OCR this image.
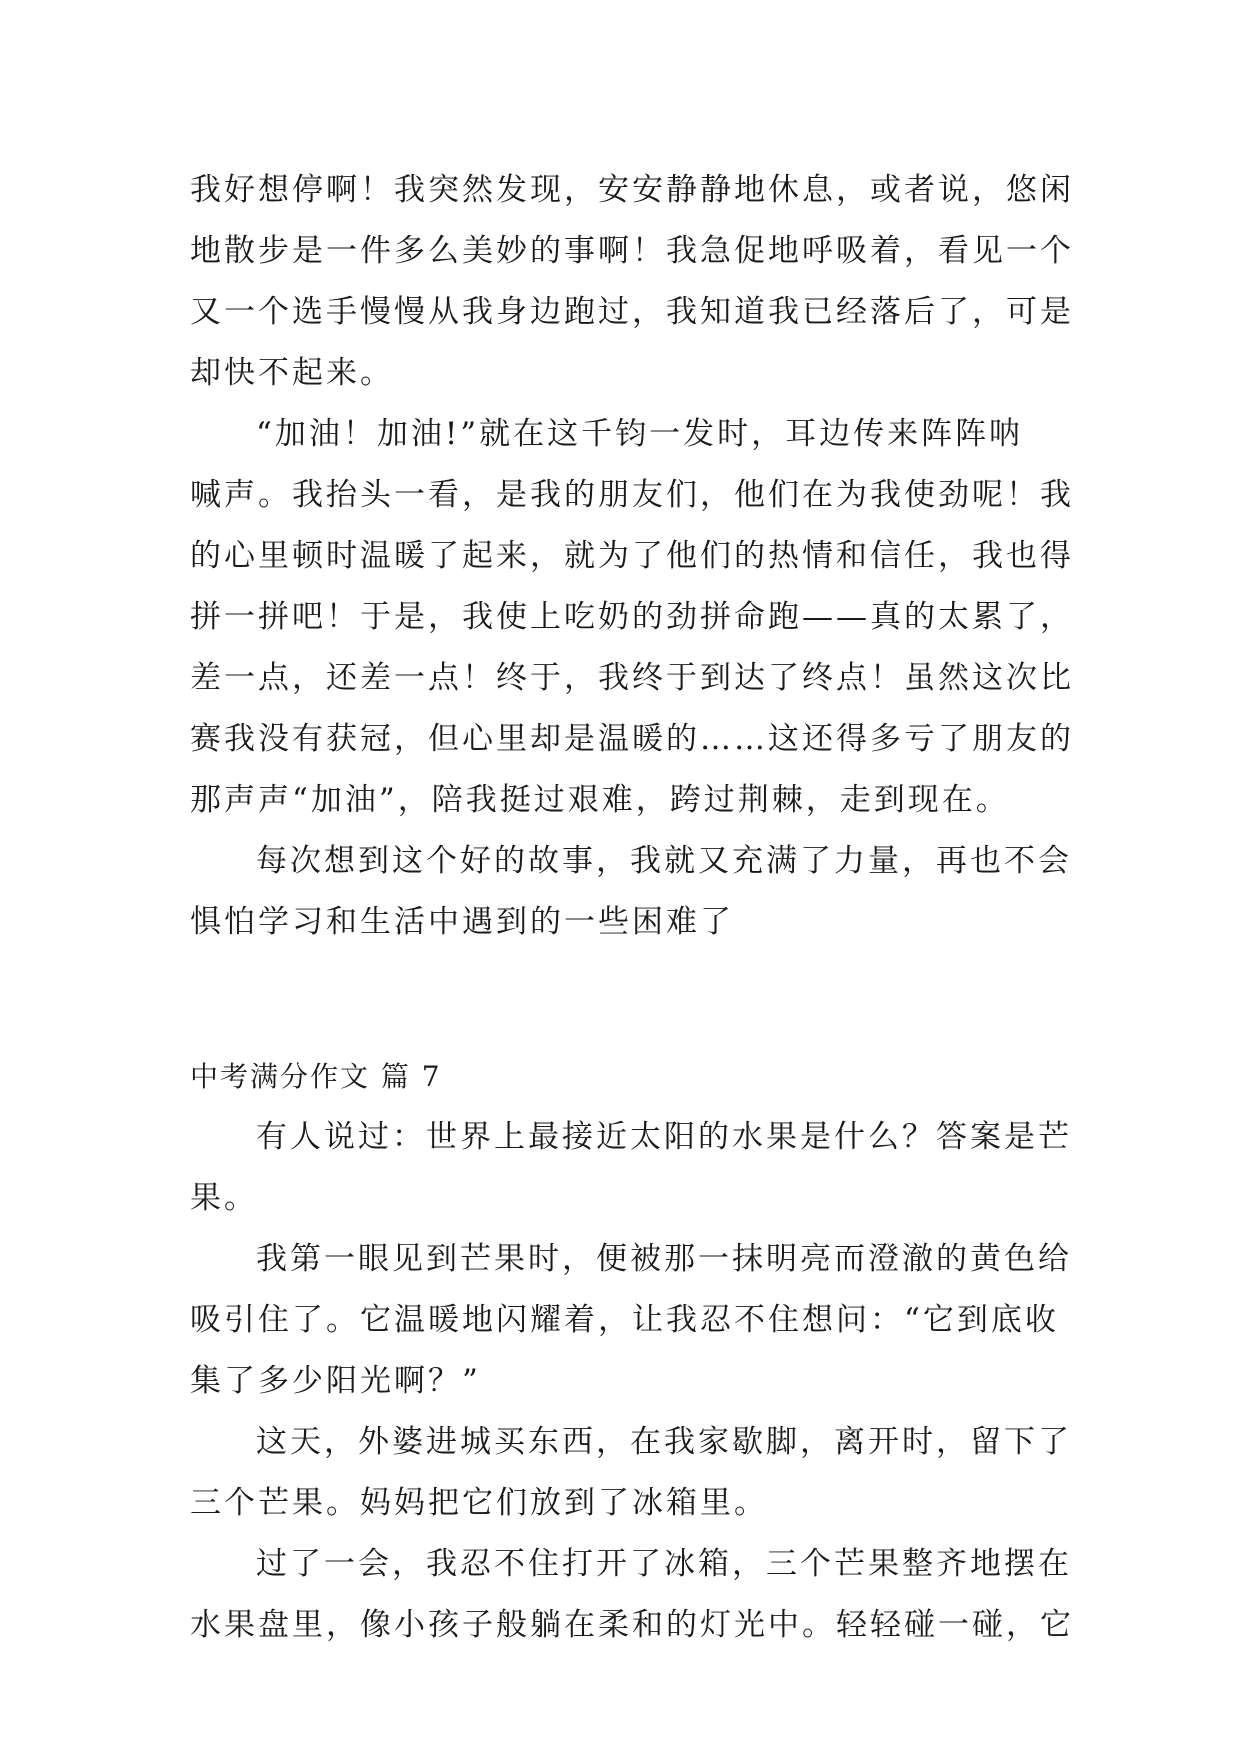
我好想停啊！我突然发现，安安静静地休息，或者说，悠闲
地散步是一件多么美妙的事啊！我急促地呼吸着，看见一个
又一个选手慢慢从我身边跑过，我知道我已经落后了，可是
却快不起来。
“加油！加油!”就在这千钧一发时，耳边传来阵阵呐
喊声。我抬头一看，是我的朋友们，他们在为我使劲呢！我
的心里顿时温暖了起来，就为了他们的热情和信任，我也得
拼一拼吧！于是，我使上吃奶的劲拼命跑——真的太累了，
差一点，还差一点！终于，我终于到达了终点！虽然这次比
赛我没有获冠，但心里却是温暖的……这还得多亏了朋友的
那声声“加油”，陪我挺过艰难，跨过荆棘，走到现在。
每次想到这个好的故事，我就又充满了力量，再也不会
惧怕学习和生活中遇到的一些困难了
中考满分作文 篇 7
有人说过：世界上最接近太阳的水果是什么？答案是芒
果。
我第一眼见到芒果时，便被那一抹明亮而澄澈的黄色给
吸引住了。它温暖地闪耀着，让我忍不住想问：“它到底收
集了多少阳光啊？”
这天，外婆进城买东西，在我家歇脚，离开时，留下了
三个芒果。妈妈把它们放到了冰箱里。
过了一会，我忍不住打开了冰箱，三个芒果整齐地摆在
水果盘里，像小孩子般躺在柔和的灯光中。轻轻碰一碰，它
